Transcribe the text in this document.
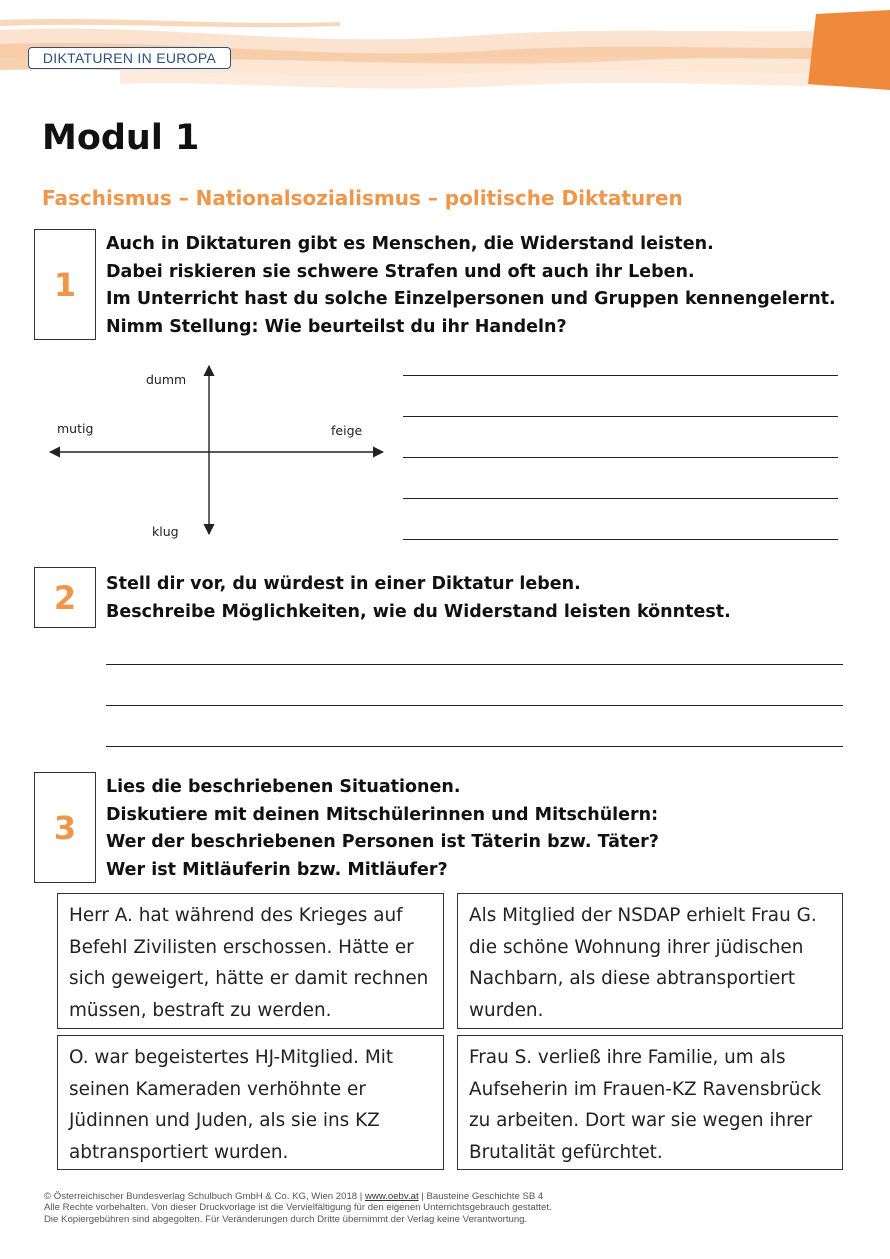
DIKTATUREN IN EUROPA
Modul 1
Faschismus – Nationalsozialismus – politische Diktaturen
1

Auch in Diktaturen gibt es Menschen, die Widerstand leisten.
Dabei riskieren sie schwere Strafen und oft auch ihr Leben.
Im Unterricht hast du solche Einzelpersonen und Gruppen kennengelernt.
Nimm Stellung: Wie beurteilst du ihr Handeln?

dumm
klug
mutig	feige
2	Stell dir vor, du würdest in einer Diktatur leben.
Beschreibe Möglichkeiten, wie du Widerstand leisten könntest.

3

Lies die beschriebenen Situationen.
Diskutiere mit deinen Mitschülerinnen und Mitschülern:
Wer der beschriebenen Personen ist Täterin bzw. Täter?
Wer ist Mitläuferin bzw. Mitläufer?

Herr A. hat während des Krieges auf
Befehl Zivilisten erschossen. Hätte er
sich geweigert, hätte er damit rechnen
müssen, bestraft zu werden.
Als Mitglied der NSDAP erhielt Frau G.
die schöne Wohnung ihrer jüdischen
Nachbarn, als diese abtransportiert
wurden.
O. war begeistertes HJ-Mitglied. Mit
seinen Kameraden verhöhnte er
Jüdinnen und Juden, als sie ins KZ
abtransportiert wurden.
Frau S. verließ ihre Familie, um als
Aufseherin im Frauen-KZ Ravensbrück
zu arbeiten. Dort war sie wegen ihrer
Brutalität gefürchtet.
© Österreichischer Bundesverlag Schulbuch GmbH & Co. KG, Wien 2018 | www.oebv.at | Bausteine Geschichte SB 4
Alle Rechte vorbehalten. Von dieser Druckvorlage ist die Vervielfältigung für den eigenen Unterrichtsgebrauch gestattet.
Die Kopiergebühren sind abgegolten. Für Veränderungen durch Dritte übernimmt der Verlag keine Verantwortung.
